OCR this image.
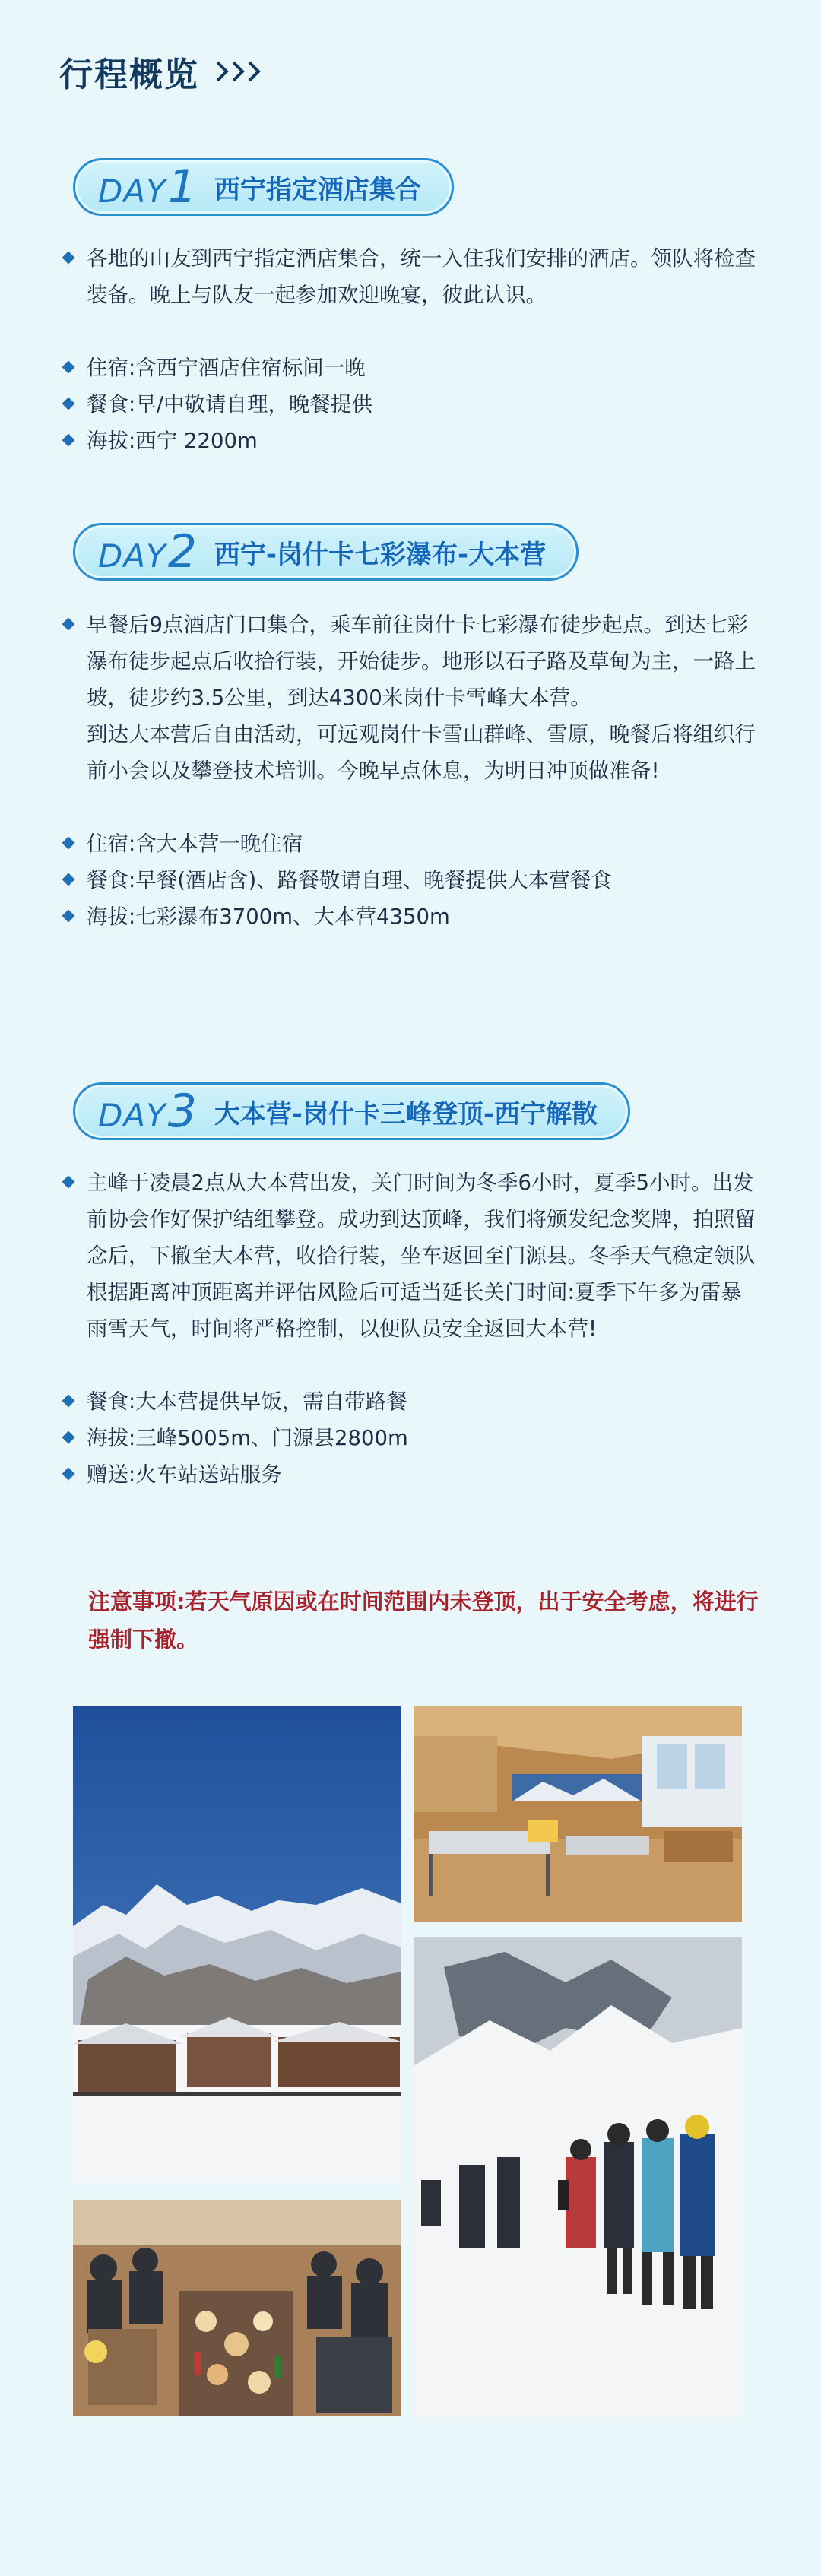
行程概览
DAY1 西宁指定酒店集合
各地的山友到西宁指定酒店集合，统一入住我们安排的酒店。领队将检查装备。晚上与队友一起参加欢迎晚宴，彼此认识。
住宿:含西宁酒店住宿标间一晚
餐食:早/中敬请自理，晚餐提供
海拔:西宁 2200m
DAY2 西宁-岗什卡七彩瀑布-大本营
早餐后9点酒店门口集合，乘车前往岗什卡七彩瀑布徒步起点。到达七彩瀑布徒步起点后收拾行装，开始徒步。地形以石子路及草甸为主，一路上坡，徒步约3.5公里，到达4300米岗什卡雪峰大本营。
到达大本营后自由活动，可远观岗什卡雪山群峰、雪原，晚餐后将组织行前小会以及攀登技术培训。今晚早点休息，为明日冲顶做准备!
住宿:含大本营一晚住宿
餐食:早餐(酒店含)、路餐敬请自理、晚餐提供大本营餐食
海拔:七彩瀑布3700m、大本营4350m
DAY3 大本营-岗什卡三峰登顶-西宁解散
主峰于凌晨2点从大本营出发，关门时间为冬季6小时，夏季5小时。出发前协会作好保护结组攀登。成功到达顶峰，我们将颁发纪念奖牌，拍照留念后，下撤至大本营，收拾行装，坐车返回至门源县。冬季天气稳定领队根据距离冲顶距离并评估风险后可适当延长关门时间:夏季下午多为雷暴雨雪天气，时间将严格控制，以便队员安全返回大本营!
餐食:大本营提供早饭，需自带路餐
海拔:三峰5005m、门源县2800m
赠送:火车站送站服务
注意事项:若天气原因或在时间范围内未登顶，出于安全考虑，将进行强制下撤。
